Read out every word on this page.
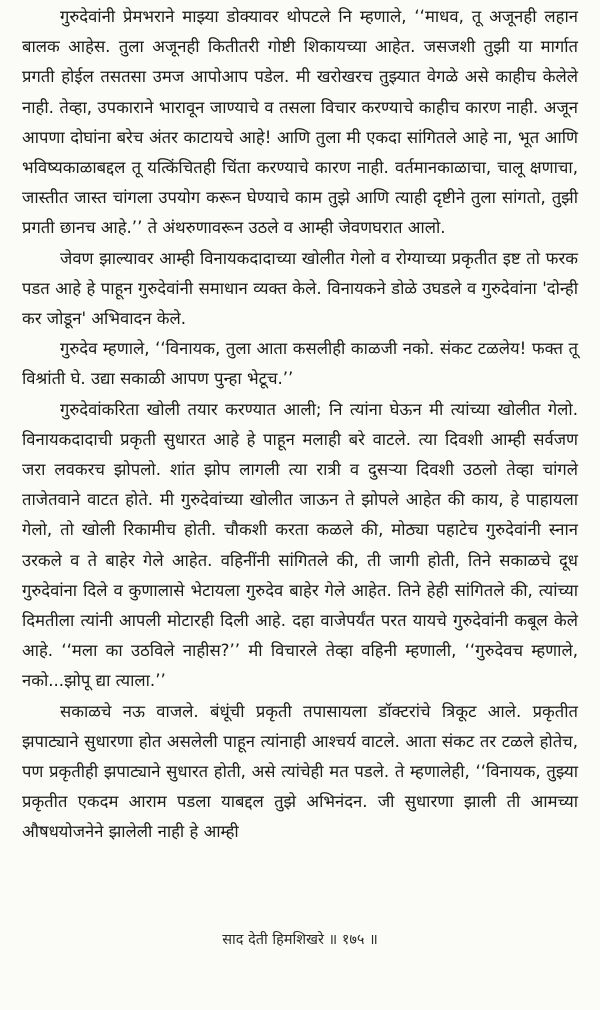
गुरुदेवांनी प्रेमभराने माझ्या डोक्यावर थोपटले नि म्हणाले, ‘‘माधव, तू अजूनही लहान बालक आहेस. तुला अजूनही कितीतरी गोष्टी शिकायच्या आहेत. जसजशी तुझी या मार्गात प्रगती होईल तसतसा उमज आपोआप पडेल. मी खरोखरच तुझ्यात वेगळे असे काहीच केलेले नाही. तेव्हा, उपकाराने भारावून जाण्याचे व तसला विचार करण्याचे काहीच कारण नाही. अजून आपणा दोघांना बरेच अंतर काटायचे आहे! आणि तुला मी एकदा सांगितले आहे ना, भूत आणि भविष्यकाळाबद्दल तू यत्किंचितही चिंता करण्याचे कारण नाही. वर्तमानकाळाचा, चालू क्षणाचा, जास्तीत जास्त चांगला उपयोग करून घेण्याचे काम तुझे आणि त्याही दृष्टीने तुला सांगतो, तुझी प्रगती छानच आहे.’’ ते अंथरुणावरून उठले व आम्ही जेवणघरात आलो.

जेवण झाल्यावर आम्ही विनायकदादाच्या खोलीत गेलो व रोग्याच्या प्रकृतीत इष्ट तो फरक पडत आहे हे पाहून गुरुदेवांनी समाधान व्यक्त केले. विनायकने डोळे उघडले व गुरुदेवांना 'दोन्ही कर जोडून' अभिवादन केले.

गुरुदेव म्हणाले, ‘‘विनायक, तुला आता कसलीही काळजी नको. संकट टळलेय! फक्त तू विश्रांती घे. उद्या सकाळी आपण पुन्हा भेटूच.’’

गुरुदेवांकरिता खोली तयार करण्यात आली; नि त्यांना घेऊन मी त्यांच्या खोलीत गेलो. विनायकदादाची प्रकृती सुधारत आहे हे पाहून मलाही बरे वाटले. त्या दिवशी आम्ही सर्वजण जरा लवकरच झोपलो. शांत झोप लागली त्या रात्री व दुसऱ्या दिवशी उठलो तेव्हा चांगले ताजेतवाने वाटत होते. मी गुरुदेवांच्या खोलीत जाऊन ते झोपले आहेत की काय, हे पाहायला गेलो, तो खोली रिकामीच होती. चौकशी करता कळले की, मोठ्या पहाटेच गुरुदेवांनी स्नान उरकले व ते बाहेर गेले आहेत. वहिनींनी सांगितले की, ती जागी होती, तिने सकाळचे दूध गुरुदेवांना दिले व कुणालासे भेटायला गुरुदेव बाहेर गेले आहेत. तिने हेही सांगितले की, त्यांच्या दिमतीला त्यांनी आपली मोटारही दिली आहे. दहा वाजेपर्यंत परत यायचे गुरुदेवांनी कबूल केले आहे. ‘‘मला का उठविले नाहीस?’’ मी विचारले तेव्हा वहिनी म्हणाली, ‘‘गुरुदेवच म्हणाले, नको...झोपू द्या त्याला.’’

सकाळचे नऊ वाजले. बंधूंची प्रकृती तपासायला डॉक्टरांचे त्रिकूट आले. प्रकृतीत झपाट्याने सुधारणा होत असलेली पाहून त्यांनाही आश्चर्य वाटले. आता संकट तर टळले होतेच, पण प्रकृतीही झपाट्याने सुधारत होती, असे त्यांचेही मत पडले. ते म्हणालेही, ‘‘विनायक, तुझ्या प्रकृतीत एकदम आराम पडला याबद्दल तुझे अभिनंदन. जी सुधारणा झाली ती आमच्या औषधयोजनेने झालेली नाही हे आम्ही

साद देती हिमशिखरे ॥ १७५ ॥
